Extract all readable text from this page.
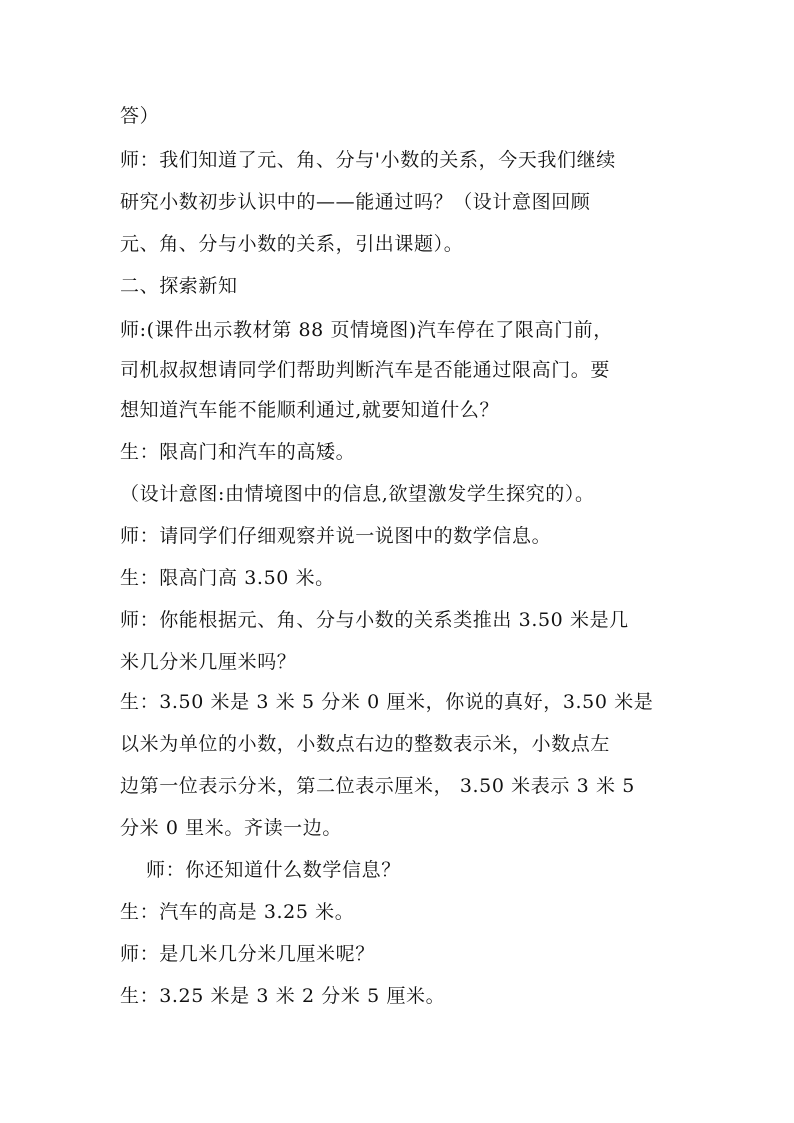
答）
师：我们知道了元、角、分与'小数的关系，今天我们继续
研究小数初步认识中的——能通过吗？（设计意图回顾
元、角、分与小数的关系，引出课题）。
二、探索新知
师:(课件出示教材第 88 页情境图)汽车停在了限高门前，
司机叔叔想请同学们帮助判断汽车是否能通过限高门。要
想知道汽车能不能顺利通过,就要知道什么？
生：限高门和汽车的高矮。
（设计意图:由情境图中的信息,欲望激发学生探究的）。
师：请同学们仔细观察并说一说图中的数学信息。
生：限高门高 3.50 米。
师：你能根据元、角、分与小数的关系类推出 3.50 米是几
米几分米几厘米吗？
生：3.50 米是 3 米 5 分米 0 厘米，你说的真好，3.50 米是
以米为单位的小数，小数点右边的整数表示米，小数点左
边第一位表示分米，第二位表示厘米， 3.50 米表示 3 米 5
分米 0 里米。齐读一边。
师：你还知道什么数学信息？
生：汽车的高是 3.25 米。
师：是几米几分米几厘米呢？
生：3.25 米是 3 米 2 分米 5 厘米。
